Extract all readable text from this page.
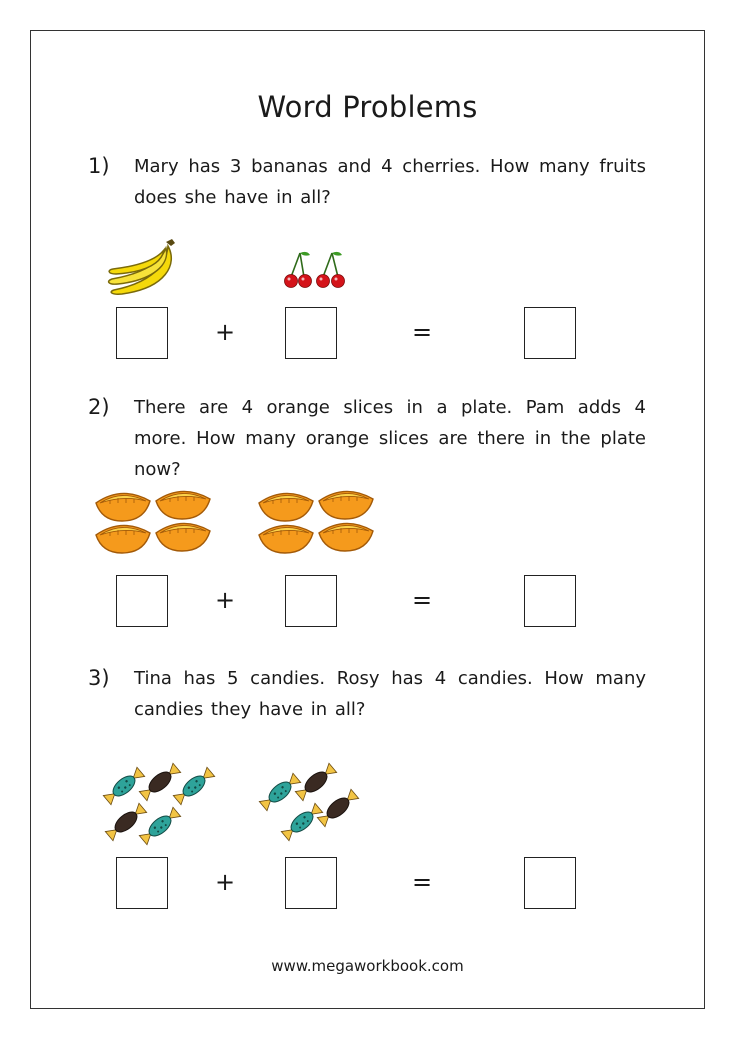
Word Problems
1) Mary has 3 bananas and 4 cherries. How many fruits does she have in all?
+	=
2) There are 4 orange slices in a plate. Pam adds 4 more. How many orange slices are there in the plate now?
+	=
3) Tina has 5 candies. Rosy has 4 candies. How many candies they have in all?
+	=
www.megaworkbook.com
